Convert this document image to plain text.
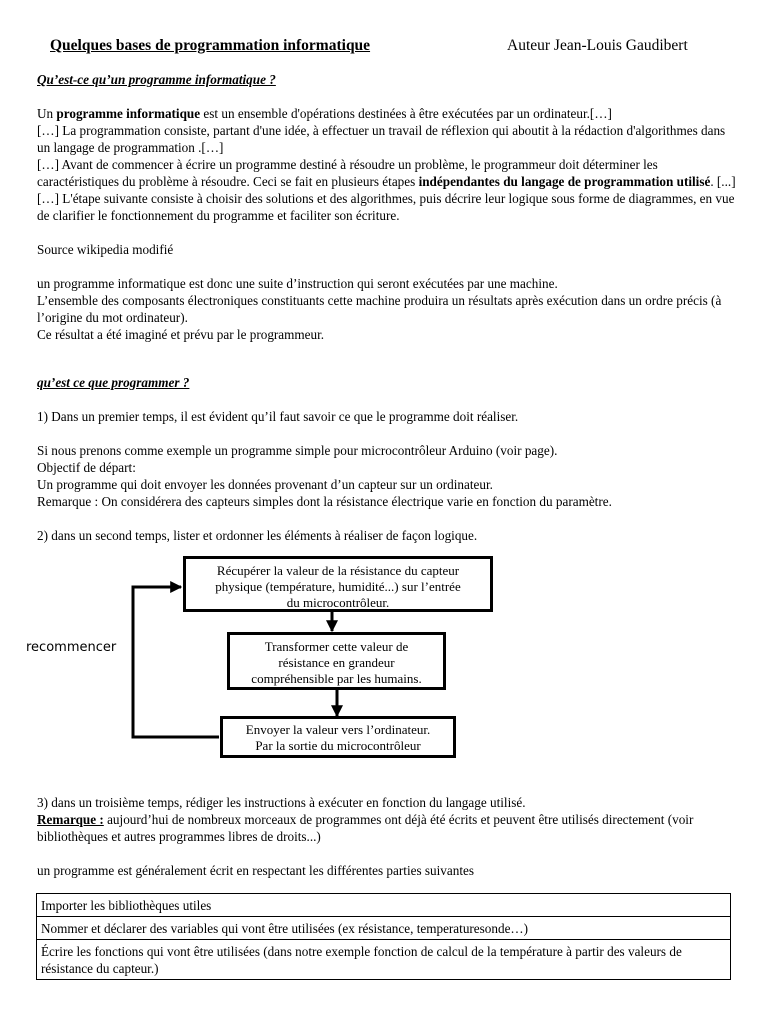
Quelques bases de programmation informatique	Auteur Jean-Louis Gaudibert

Qu’est-ce qu’un programme informatique ?

Un programme informatique est un ensemble d'opérations destinées à être exécutées par un ordinateur.[…]

[…] La programmation consiste, partant d'une idée, à effectuer un travail de réflexion qui aboutit à la rédaction d'algorithmes dans un langage de programmation .[…]

[…] Avant de commencer à écrire un programme destiné à résoudre un problème, le programmeur doit déterminer les caractéristiques du problème à résoudre. Ceci se fait en plusieurs étapes indépendantes du langage de programmation utilisé. [...]

[…] L'étape suivante consiste à choisir des solutions et des algorithmes, puis décrire leur logique sous forme de diagrammes, en vue de clarifier le fonctionnement du programme et faciliter son écriture.

Source wikipedia modifié

un programme informatique est donc une suite d’instruction qui seront exécutées par une machine.

L’ensemble des composants électroniques constituants cette machine produira un résultats après exécution dans un ordre précis (à l’origine du mot ordinateur).

Ce résultat a été imaginé et prévu par le programmeur.

qu’est ce que programmer ?

1) Dans un premier temps, il est évident qu’il faut savoir ce que le programme doit réaliser.

Si nous prenons comme exemple un programme simple pour microcontrôleur Arduino (voir page).

Objectif de départ:

Un programme qui doit envoyer les données provenant d’un capteur sur un ordinateur.

Remarque : On considérera des capteurs simples dont la résistance électrique varie en fonction du paramètre.

2) dans un second temps, lister et ordonner les éléments à réaliser de façon logique.

Récupérer la valeur de la résistance du capteur
physique (température, humidité...) sur l’entrée
du microcontrôleur.
Transformer cette valeur de
résistance en grandeur
compréhensible par les humains.
Envoyer la valeur vers l’ordinateur.
Par la sortie du microcontrôleur
recommencer

3) dans un troisième temps, rédiger les instructions à exécuter en fonction du langage utilisé.

Remarque : aujourd’hui de nombreux morceaux de programmes ont déjà été écrits et peuvent être utilisés directement (voir bibliothèques et autres programmes libres de droits...)

un programme est généralement écrit en respectant les différentes parties suivantes

Importer les bibliothèques utiles
Nommer et déclarer des variables qui vont être utilisées (ex résistance, temperaturesonde…)
Écrire les fonctions qui vont être utilisées (dans notre exemple fonction de calcul de la température à partir des valeurs de résistance du capteur.)
